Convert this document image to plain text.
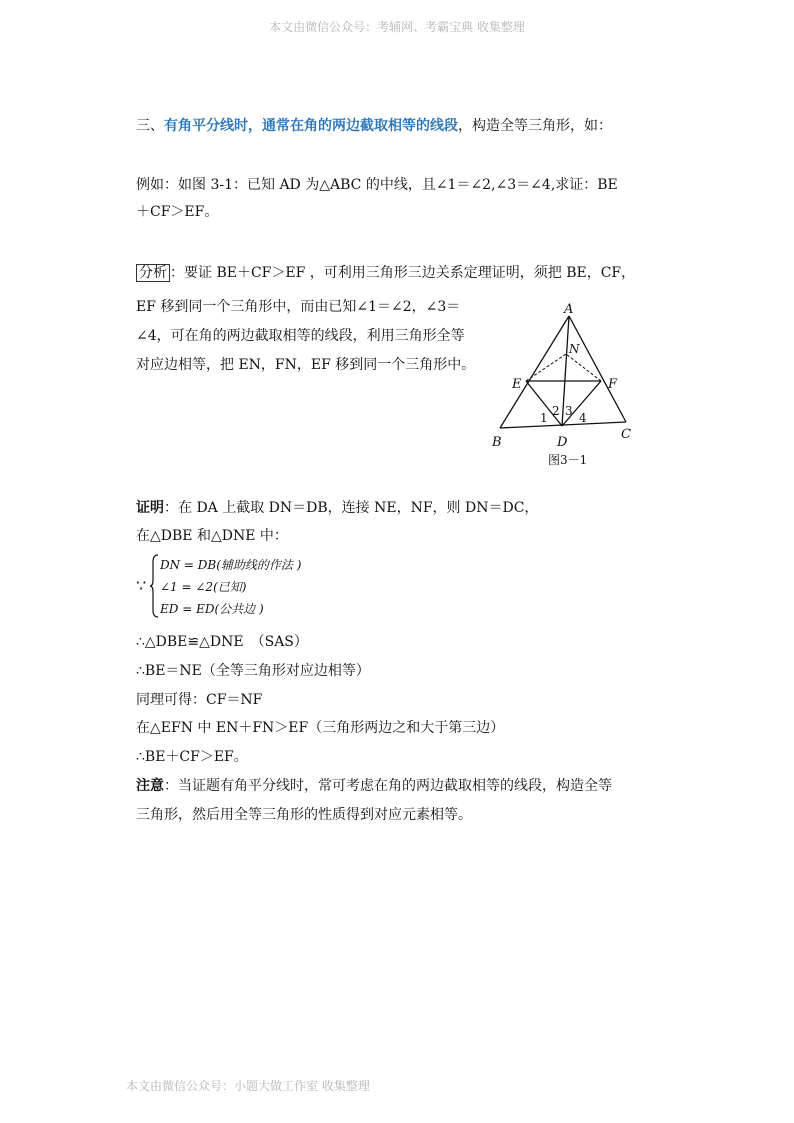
本文由微信公众号：考辅网、考霸宝典 收集整理
三、有角平分线时，通常在角的两边截取相等的线段，构造全等三角形，如：
例如：如图 3-1：已知 AD 为△ABC 的中线，且∠1＝∠2,∠3＝∠4,求证：BE
＋CF＞EF。
分析 ：要证 BE＋CF＞EF ，可利用三角形三边关系定理证明，须把 BE，CF，
EF 移到同一个三角形中，而由已知∠1＝∠2，∠3＝
∠4，可在角的两边截取相等的线段，利用三角形全等
对应边相等，把 EN，FN，EF 移到同一个三角形中。
A
B
C
D
E	F
N
1 2 3 4
图3－1
证明：在 DA 上截取 DN＝DB，连接 NE，NF，则 DN＝DC，
在△DBE 和△DNE 中：
∵
DN = DB(辅助线的作法 )
∠1 = ∠2(已知)
ED = ED(公共边 )
∴△DBE≌△DNE　（SAS）
∴BE＝NE（全等三角形对应边相等）
同理可得：CF＝NF
在△EFN 中 EN＋FN＞EF（三角形两边之和大于第三边）
∴BE＋CF＞EF。
注意：当证题有角平分线时，常可考虑在角的两边截取相等的线段，构造全等
三角形，然后用全等三角形的性质得到对应元素相等。
本文由微信公众号：小题大做工作室 收集整理
